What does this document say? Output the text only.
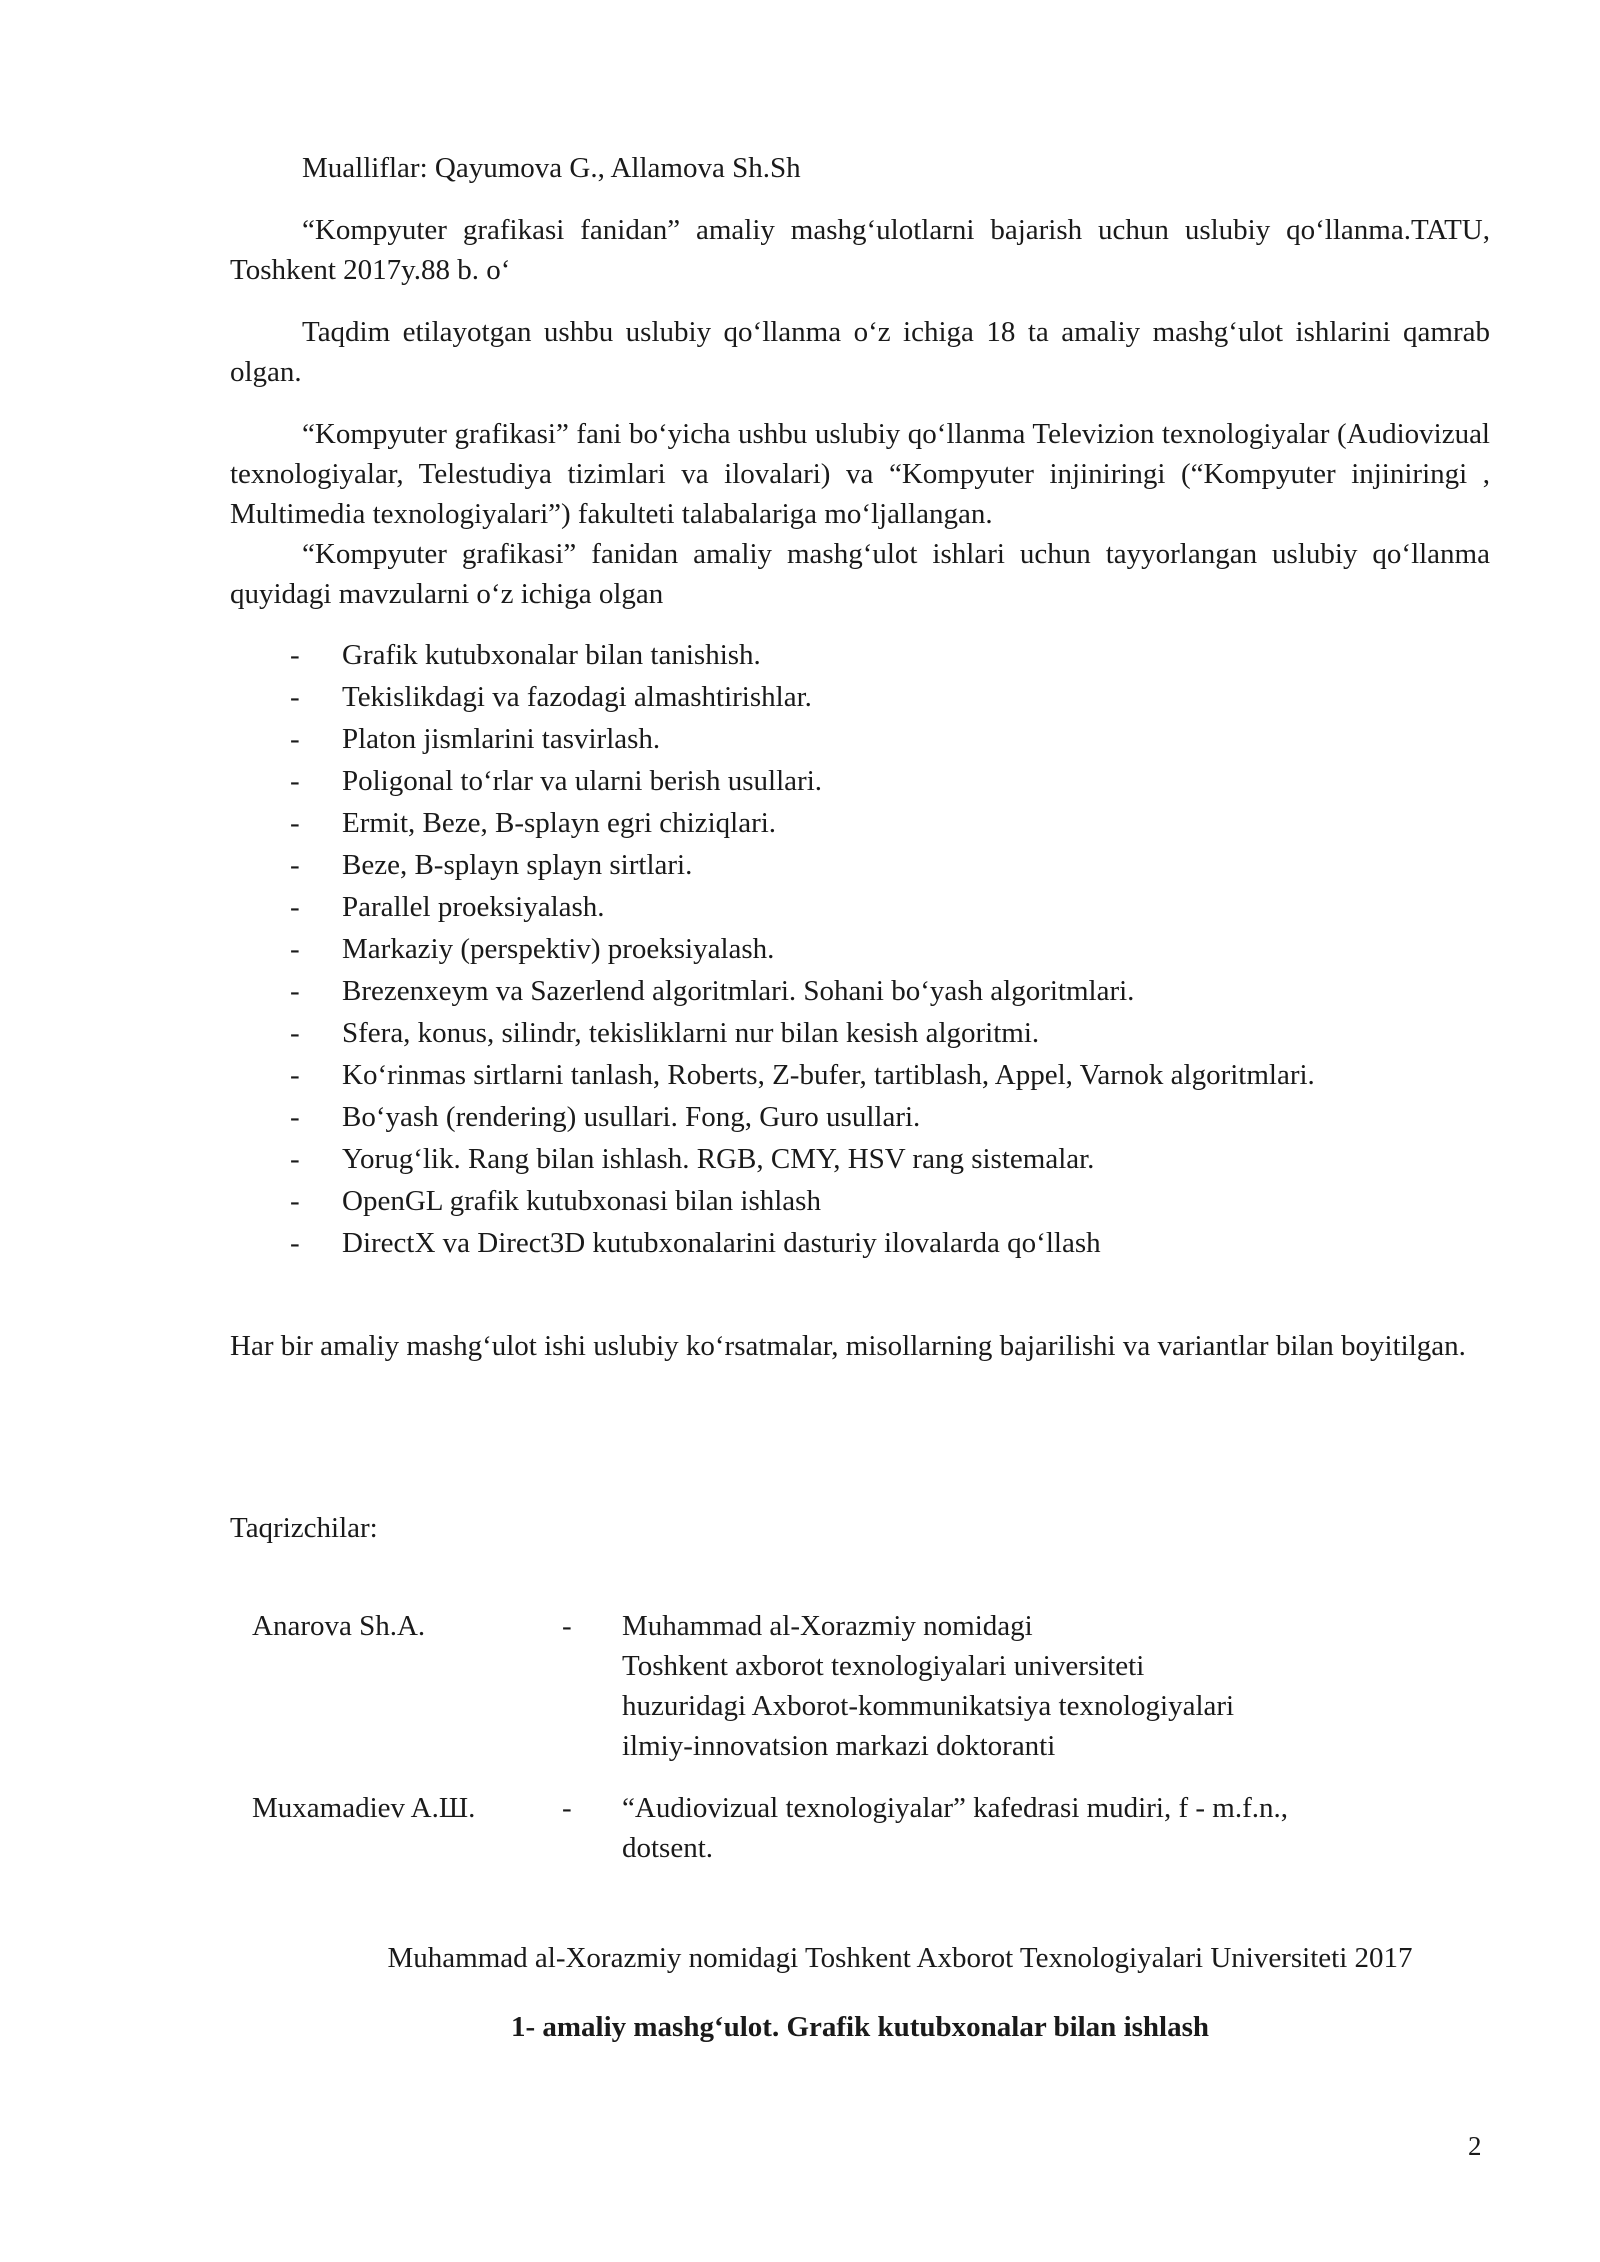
Mualliflar: Qayumova G., Allamova Sh.Sh

“Kompyuter grafikasi fanidan” amaliy mashg‘ulotlarni bajarish uchun uslubiy qo‘llanma.TATU, Toshkent 2017y.88 b. o‘

Taqdim etilayotgan ushbu uslubiy qo‘llanma o‘z ichiga 18 ta amaliy mashg‘ulot ishlarini qamrab olgan.

“Kompyuter grafikasi” fani bo‘yicha ushbu uslubiy qo‘llanma Televizion texnologiyalar (Audiovizual texnologiyalar, Telestudiya tizimlari va ilovalari) va “Kompyuter injiniringi (“Kompyuter injiniringi , Multimedia texnologiyalari”) fakulteti talabalariga mo‘ljallangan.

“Kompyuter grafikasi” fanidan amaliy mashg‘ulot ishlari uchun tayyorlangan uslubiy qo‘llanma quyidagi mavzularni o‘z ichiga olgan

-	Grafik kutubxonalar bilan tanishish.
-	Tekislikdagi va fazodagi almashtirishlar.
-	Platon jismlarini tasvirlash.
-	Poligonal to‘rlar va ularni berish usullari.
-	Ermit, Beze, B-splayn egri chiziqlari.
-	Beze, B-splayn splayn sirtlari.
-	Parallel proeksiyalash.
-	Markaziy (perspektiv) proeksiyalash.
-	Brezenxeym va Sazerlend algoritmlari. Sohani bo‘yash algoritmlari.
-	Sfera, konus, silindr, tekisliklarni nur bilan kesish algoritmi.
-	Ko‘rinmas sirtlarni tanlash, Roberts, Z-bufer, tartiblash, Appel, Varnok algoritmlari.
-	Bo‘yash (rendering) usullari. Fong, Guro usullari.
-	Yorug‘lik. Rang bilan ishlash. RGB, CMY, HSV rang sistemalar.
-	OpenGL grafik kutubxonasi bilan ishlash
-	DirectX va Direct3D kutubxonalarini dasturiy ilovalarda qo‘llash

Har bir amaliy mashg‘ulot ishi uslubiy ko‘rsatmalar, misollarning bajarilishi va variantlar bilan boyitilgan.

Taqrizchilar:

Anarova Sh.A.	-	Muhammad al-Xorazmiy nomidagi
Toshkent axborot texnologiyalari universiteti
huzuridagi Axborot-kommunikatsiya texnologiyalari
ilmiy-innovatsion markazi doktoranti
Muxamadiev A.Ш.	-	“Audiovizual texnologiyalar” kafedrasi mudiri, f - m.f.n.,
dotsent.

Muhammad al-Xorazmiy nomidagi Toshkent Axborot Texnologiyalari Universiteti 2017

1- amaliy mashg‘ulot. Grafik kutubxonalar bilan ishlash

2
